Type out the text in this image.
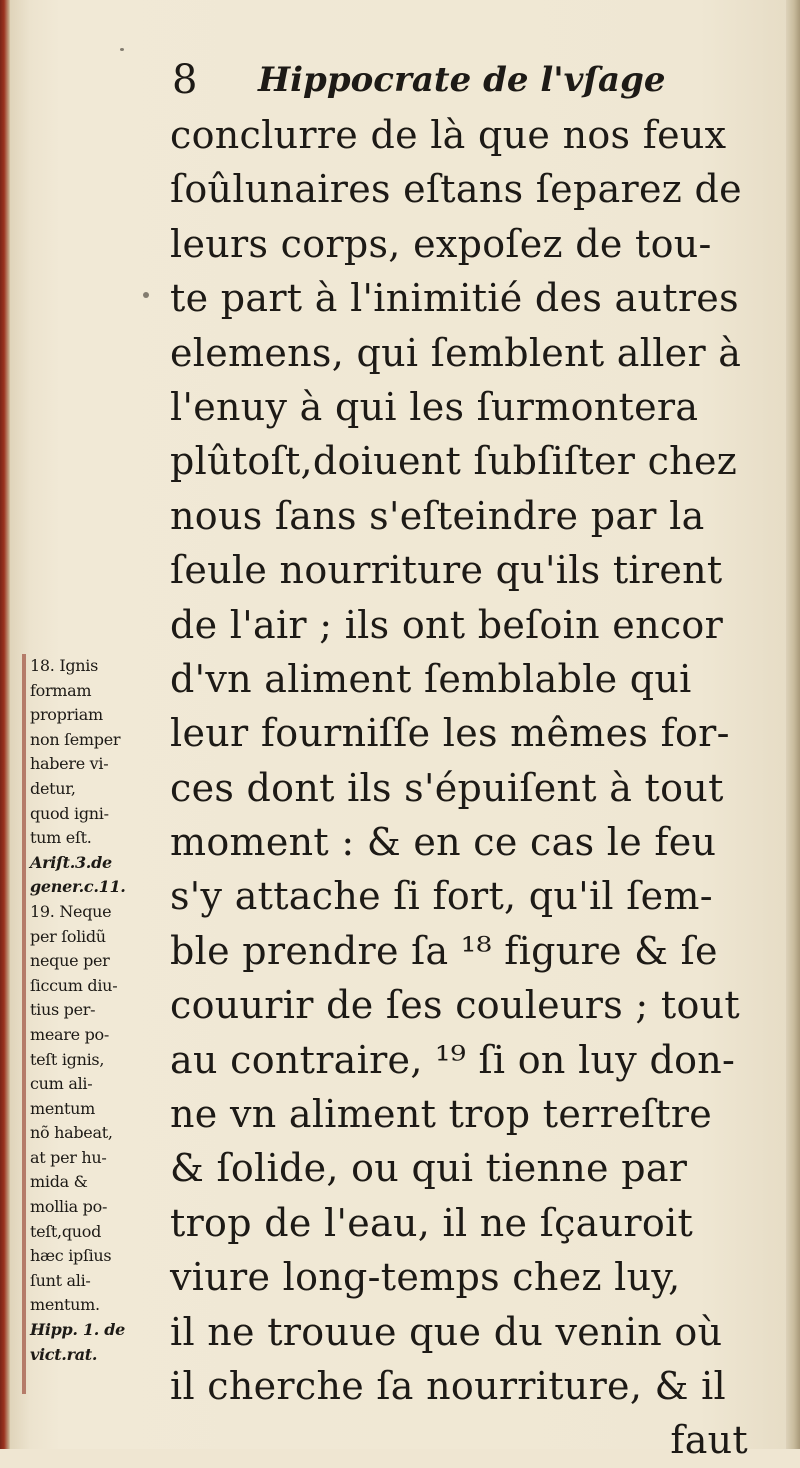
8 Hippocrate de l'vſage
conclurre de là que nos feux
ſoûlunaires eſtans ſeparez de
leurs corps, expoſez de tou-
te part à l'inimitié des autres
elemens, qui ſemblent aller à
l'enuy à qui les ſurmontera
plûtoſt,doiuent ſubſiſter chez
nous ſans s'eſteindre par la
ſeule nourriture qu'ils tirent
de l'air ; ils ont beſoin encor
d'vn aliment ſemblable qui
leur fourniſſe les mêmes for-
ces dont ils s'épuiſent à tout
moment : & en ce cas le feu
s'y attache ſi fort, qu'il ſem-
ble prendre ſa ¹⁸ figure & ſe
couurir de ſes couleurs ; tout
au contraire, ¹⁹ ſi on luy don-
ne vn aliment trop terreſtre
& ſolide, ou qui tienne par
trop de l'eau, il ne ſçauroit
viure long-temps chez luy,
il ne trouue que du venin où
il cherche ſa nourriture, & il
faut
18. Ignis
formam
propriam
non ſemper
habere vi-
detur,
quod igni-
tum eſt.
Ariſt.3.de
gener.c.11.
19. Neque
per ſolidũ
neque per
ſiccum diu-
tius per-
meare po-
teſt ignis,
cum ali-
mentum
nõ habeat,
at per hu-
mida &
mollia po-
teſt,quod
hæc ipſius
ſunt ali-
mentum.
Hipp. 1. de
vict.rat.
